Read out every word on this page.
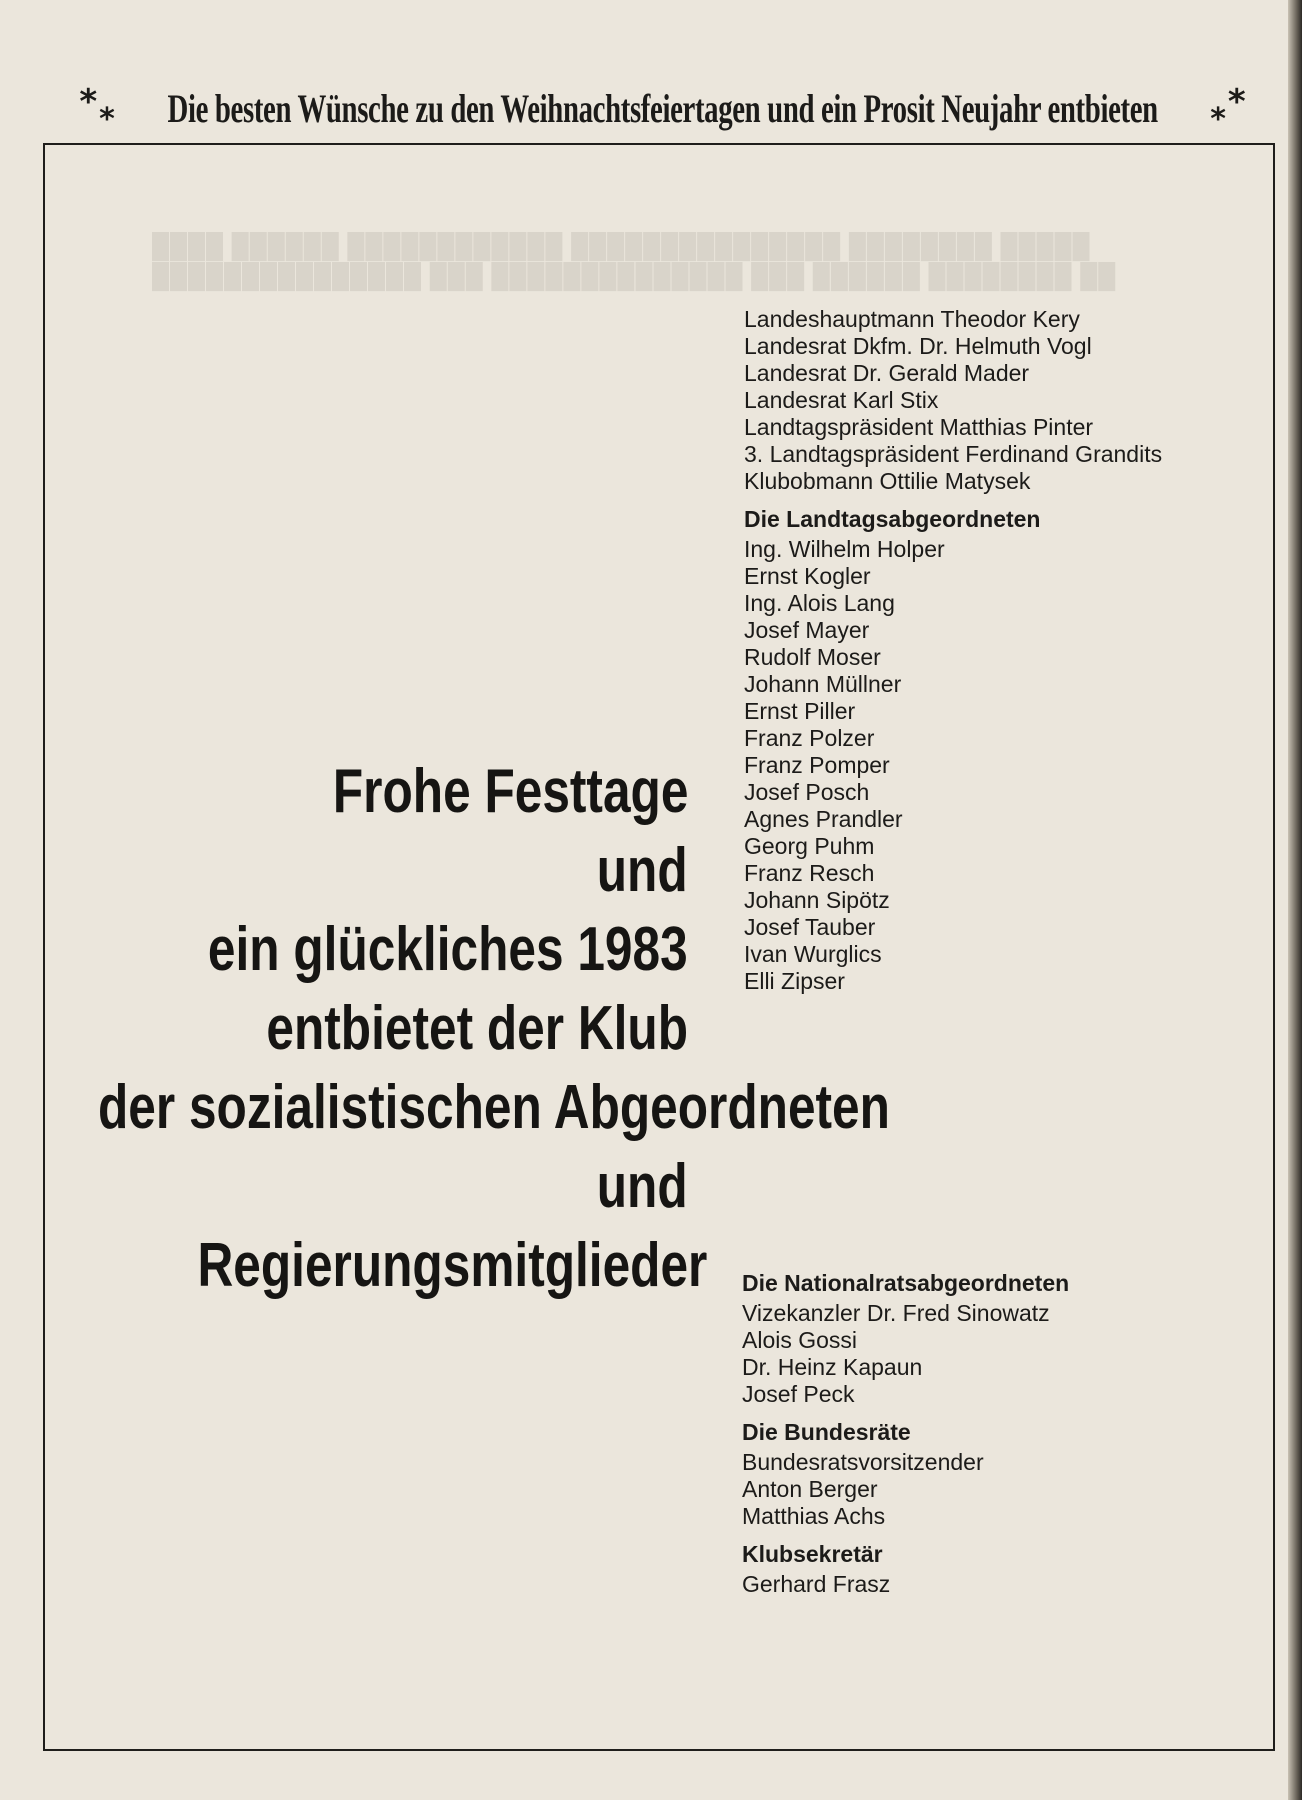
████ ██████ ████████████ ███████████████ ████████ █████
███████████████ ███ ██████████████ ███ ██████ ████████ ██
* * Die besten Wünsche zu den Weihnachtsfeiertagen und ein Prosit Neujahr entbieten * *
Landeshauptmann Theodor Kery
Landesrat Dkfm. Dr. Helmuth Vogl
Landesrat Dr. Gerald Mader
Landesrat Karl Stix
Landtagspräsident Matthias Pinter
3. Landtagspräsident Ferdinand Grandits
Klubobmann Ottilie Matysek
Die Landtagsabgeordneten
Ing. Wilhelm Holper
Ernst Kogler
Ing. Alois Lang
Josef Mayer
Rudolf Moser
Johann Müllner
Ernst Piller
Franz Polzer
Franz Pomper
Josef Posch
Agnes Prandler
Georg Puhm
Franz Resch
Johann Sipötz
Josef Tauber
Ivan Wurglics
Elli Zipser
Frohe Festtage
und
ein glückliches 1983
entbietet der Klub
der sozialistischen Abgeordneten
und
Regierungsmitglieder Die Nationalratsabgeordneten
Vizekanzler Dr. Fred Sinowatz
Alois Gossi
Dr. Heinz Kapaun
Josef Peck
Die Bundesräte
Bundesratsvorsitzender
Anton Berger
Matthias Achs
Klubsekretär
Gerhard Frasz
